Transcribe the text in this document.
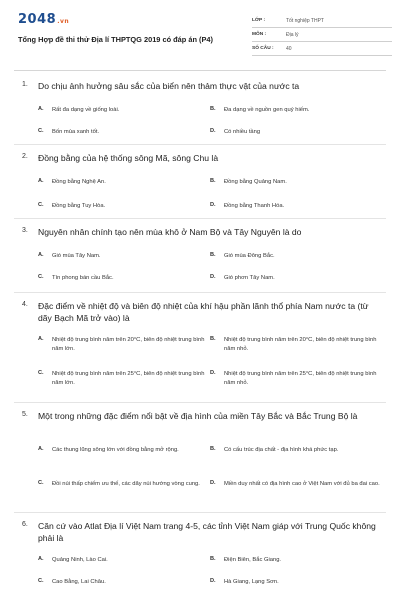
2048.vn
Tổng Hợp đề thi thử Địa lí THPTQG 2019 có đáp án (P4)
LỚP :	Tốt nghiệp THPT
MÔN :	Địa lý
SỐ CÂU :	40
1.	Do chịu ảnh hưởng sâu sắc của biển nên thảm thực vật của nước ta
A.	Rất đa dạng về giống loài.	B.	Đa dạng về nguồn gen quý hiếm.
C.	Bốn mùa xanh tốt.	D.	Có nhiều tầng
2.	Đồng bằng của hệ thống sông Mã, sông Chu là
A.	Đồng bằng Nghệ An.	B.	Đồng bằng Quảng Nam.
C.	Đồng bằng Tuy Hòa.	D.	Đồng bằng Thanh Hóa.
3.	Nguyên nhân chính tạo nên mùa khô ở Nam Bộ và Tây Nguyên là do
A.	Gió mùa Tây Nam.	B.	Gió mùa Đông Bắc.
C.	Tín phong bán cầu Bắc.	D.	Gió phơn Tây Nam.
4.	Đặc điểm về nhiệt độ và biên độ nhiệt của khí hậu phần lãnh thổ phía Nam nước ta (từ dãy Bạch Mã trở vào) là
A.	Nhiệt độ trung bình năm trên 20°C, biên độ nhiệt trung bình năm lớn.
B.	Nhiệt độ trung bình năm trên 20°C, biên độ nhiệt trung bình năm nhỏ.
C.	Nhiệt độ trung bình năm trên 25°C, biên độ nhiệt trung bình năm lớn.
D.	Nhiệt độ trung bình năm trên 25°C, biên độ nhiệt trung bình năm nhỏ.
5.	Một trong những đặc điểm nổi bật về địa hình của miền Tây Bắc và Bắc Trung Bộ là
A.	Các thung lũng sông lớn với đồng bằng mở rộng.	B.	Có cấu trúc địa chất - địa hình khá phức tạp.
C.	Đồi núi thấp chiếm ưu thế, các dãy núi hướng vòng cung.	D.	Miền duy nhất có địa hình cao ở Việt Nam với đủ ba đai cao.
6.	Căn cứ vào Atlat Địa lí Việt Nam trang 4-5, các tỉnh Việt Nam giáp với Trung Quốc không phải là
A.	Quảng Ninh, Lào Cai.	B.	Điện Biên, Bắc Giang.
C.	Cao Bằng, Lai Châu.	D.	Hà Giang, Lạng Sơn.
